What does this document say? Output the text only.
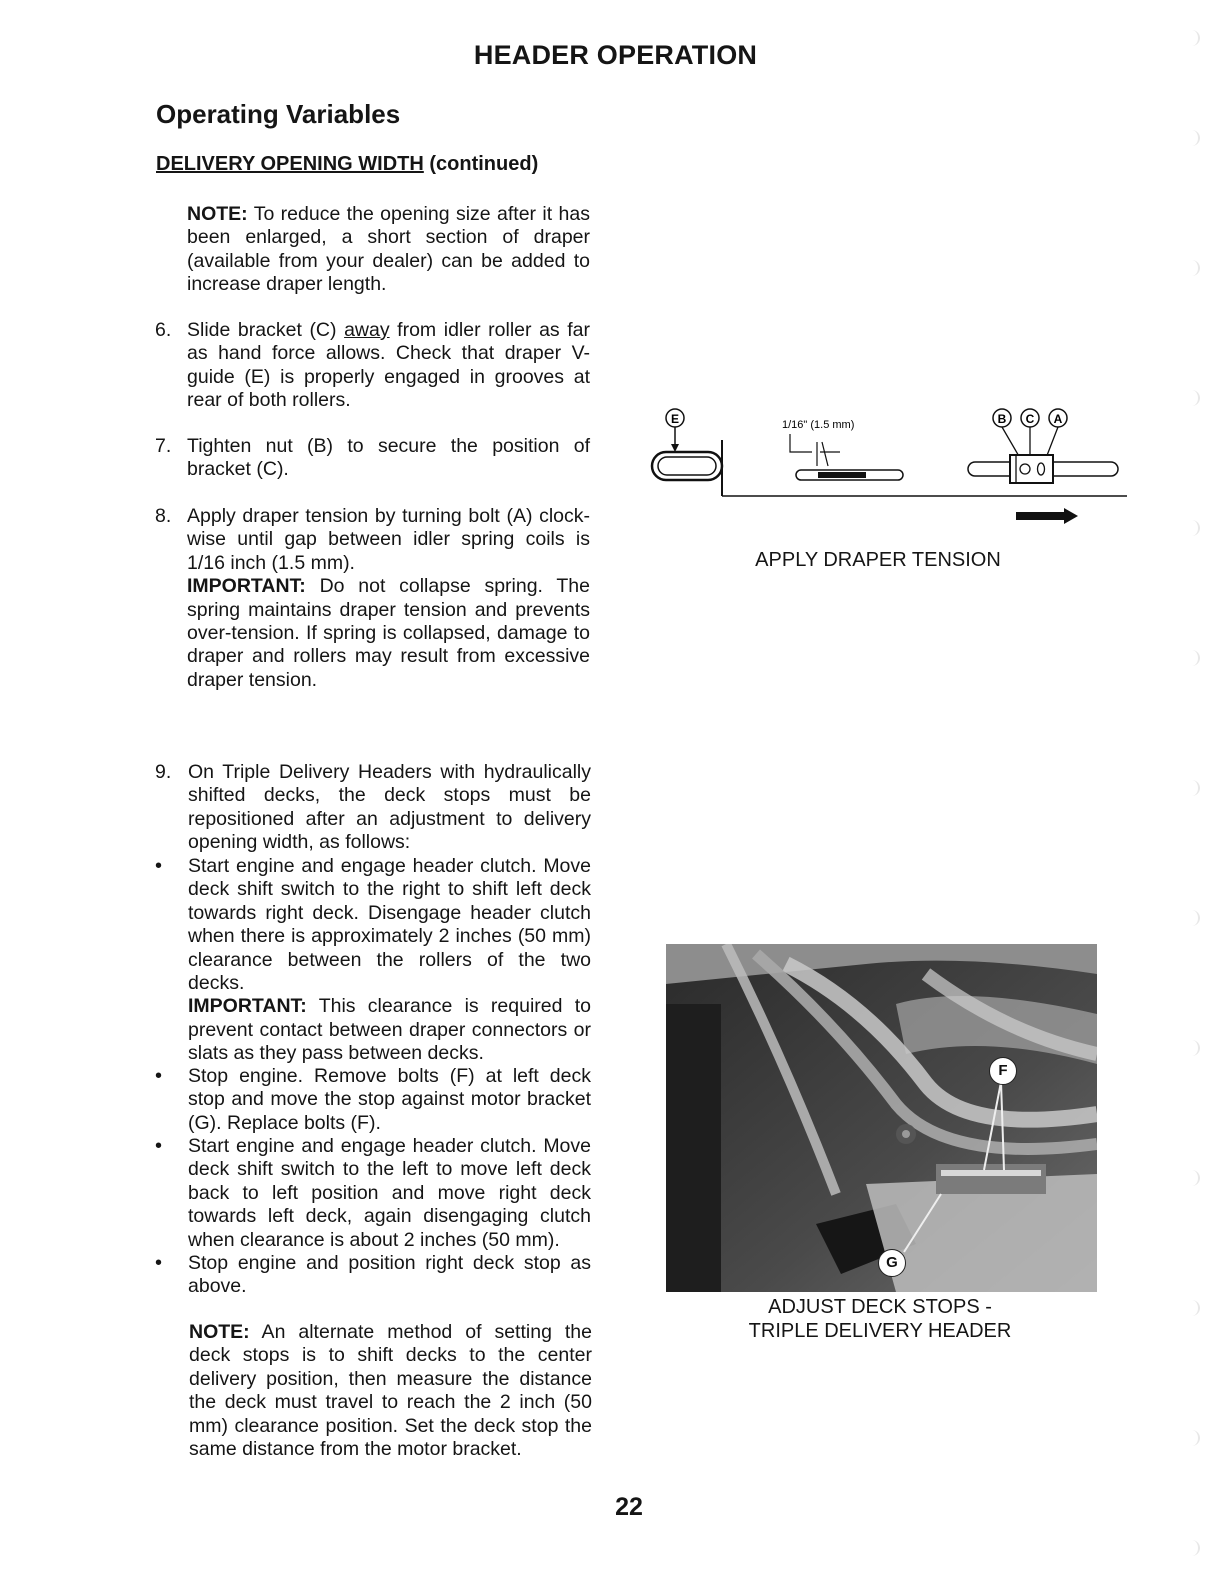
HEADER OPERATION
Operating Variables
DELIVERY OPENING WIDTH (continued)
NOTE: To reduce the opening size after it has been enlarged, a short section of draper (available from your dealer) can be added to increase draper length.
6. Slide bracket (C) away from idler roller as far as hand force allows. Check that draper V-guide (E) is properly engaged in grooves at rear of both rollers.
7. Tighten nut (B) to secure the position of bracket (C).
8. Apply draper tension by turning bolt (A) clock-wise until gap between idler spring coils is 1/16 inch (1.5 mm).
IMPORTANT: Do not collapse spring. The spring maintains draper tension and prevents over-tension. If spring is collapsed, damage to draper and rollers may result from excessive draper tension.
9. On Triple Delivery Headers with hydraulically shifted decks, the deck stops must be repositioned after an adjustment to delivery opening width, as follows:
• Start engine and engage header clutch. Move deck shift switch to the right to shift left deck towards right deck. Disengage header clutch when there is approximately 2 inches (50 mm) clearance between the rollers of the two decks.
IMPORTANT: This clearance is required to prevent contact between draper connectors or slats as they pass between decks.
• Stop engine. Remove bolts (F) at left deck stop and move the stop against motor bracket (G). Replace bolts (F).
• Start engine and engage header clutch. Move deck shift switch to the left to move left deck back to left position and move right deck towards left deck, again disengaging clutch when clearance is about 2 inches (50 mm).
• Stop engine and position right deck stop as above.
NOTE: An alternate method of setting the deck stops is to shift decks to the center delivery position, then measure the distance the deck must travel to reach the 2 inch (50 mm) clearance position. Set the deck stop the same distance from the motor bracket.
E	1/16" (1.5 mm)	B C A
APPLY DRAPER TENSION
F
G
ADJUST DECK STOPS -
TRIPLE DELIVERY HEADER
22
